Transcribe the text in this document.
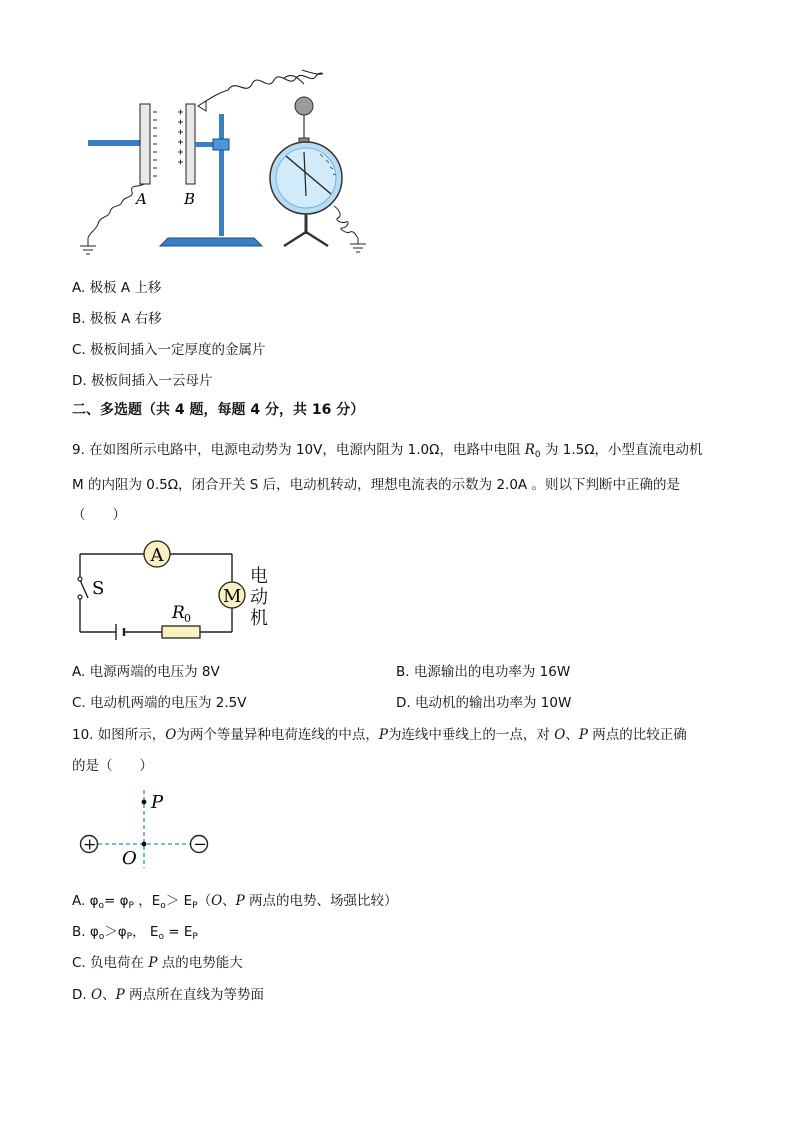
A B
A. 极板 A 上移
B. 极板 A 右移
C. 极板间插入一定厚度的金属片
D. 极板间插入一云母片
二、多选题（共 4 题，每题 4 分，共 16 分）
9. 在如图所示电路中，电源电动势为 10V，电源内阻为 1.0Ω，电路中电阻 $R_0$ 为 1.5Ω，小型直流电动机
M 的内阻为 0.5Ω，闭合开关 S 后，电动机转动，理想电流表的示数为 2.0A 。则以下判断中正确的是
（　　）
S
A
M
R 0
电
动
机
A. 电源两端的电压为 8V	B. 电源输出的电功率为 16W
C. 电动机两端的电压为 2.5V	D. 电动机的输出功率为 10W
10. 如图所示，O为两个等量异种电荷连线的中点，P为连线中垂线上的一点，对 O、P 两点的比较正确
的是（　　）
P
O
+	−
A. $\varphi_o= \varphi_P$ ，$E_o> E_P(O$、P 两点的电势、场强比较）
B. $\varphi_o>\varphi_P$， $E_o = E_P$
C. 负电荷在 P 点的电势能大
D. O、P 两点所在直线为等势面
